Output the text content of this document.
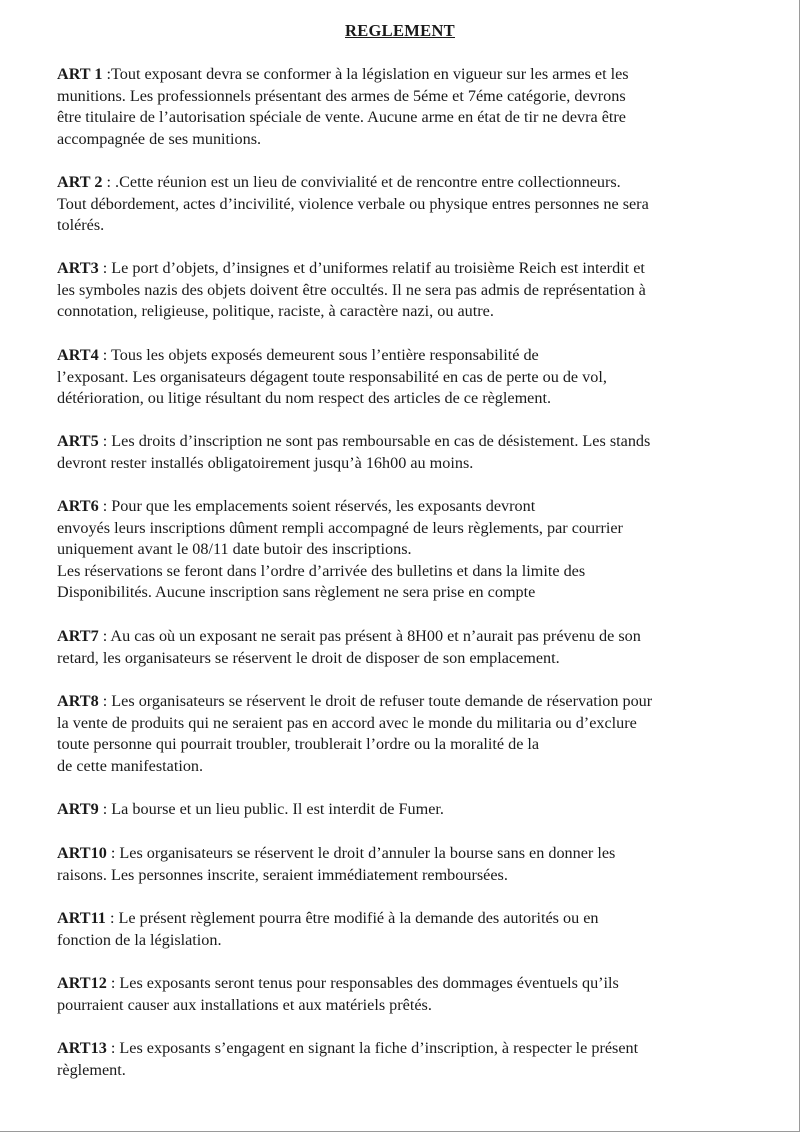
REGLEMENT
ART 1 :Tout exposant devra se conformer à la législation en vigueur sur les armes et les
munitions. Les professionnels présentant des armes de 5éme et 7éme catégorie, devrons
être titulaire de l’autorisation spéciale de vente. Aucune arme en état de tir ne devra être
accompagnée de ses munitions.
ART 2 : .Cette réunion est un lieu de convivialité et de rencontre entre collectionneurs.
Tout débordement, actes d’incivilité, violence verbale ou physique entres personnes ne sera
tolérés.
ART3 : Le port d’objets, d’insignes et d’uniformes relatif au troisième Reich est interdit et
les symboles nazis des objets doivent être occultés. Il ne sera pas admis de représentation à
connotation, religieuse, politique, raciste, à caractère nazi, ou autre.
ART4 : Tous les objets exposés demeurent sous l’entière responsabilité de
l’exposant. Les organisateurs dégagent toute responsabilité en cas de perte ou de vol,
détérioration, ou litige résultant du nom respect des articles de ce règlement.
ART5 : Les droits d’inscription ne sont pas remboursable en cas de désistement. Les stands
devront rester installés obligatoirement jusqu’à 16h00 au moins.
ART6 : Pour que les emplacements soient réservés, les exposants devront
envoyés leurs inscriptions dûment rempli accompagné de leurs règlements, par courrier
uniquement avant le 08/11 date butoir des inscriptions.
Les réservations se feront dans l’ordre d’arrivée des bulletins et dans la limite des
Disponibilités. Aucune inscription sans règlement ne sera prise en compte
ART7 : Au cas où un exposant ne serait pas présent à 8H00 et n’aurait pas prévenu de son
retard, les organisateurs se réservent le droit de disposer de son emplacement.
ART8 : Les organisateurs se réservent le droit de refuser toute demande de réservation pour
la vente de produits qui ne seraient pas en accord avec le monde du militaria ou d’exclure
toute personne qui pourrait troubler, troublerait l’ordre ou la moralité de la
de cette manifestation.
ART9 : La bourse et un lieu public. Il est interdit de Fumer.
ART10 : Les organisateurs se réservent le droit d’annuler la bourse sans en donner les
raisons. Les personnes inscrite, seraient immédiatement remboursées.
ART11 : Le présent règlement pourra être modifié à la demande des autorités ou en
fonction de la législation.
ART12 : Les exposants seront tenus pour responsables des dommages éventuels qu’ils
pourraient causer aux installations et aux matériels prêtés.
ART13 : Les exposants s’engagent en signant la fiche d’inscription, à respecter le présent
règlement.
